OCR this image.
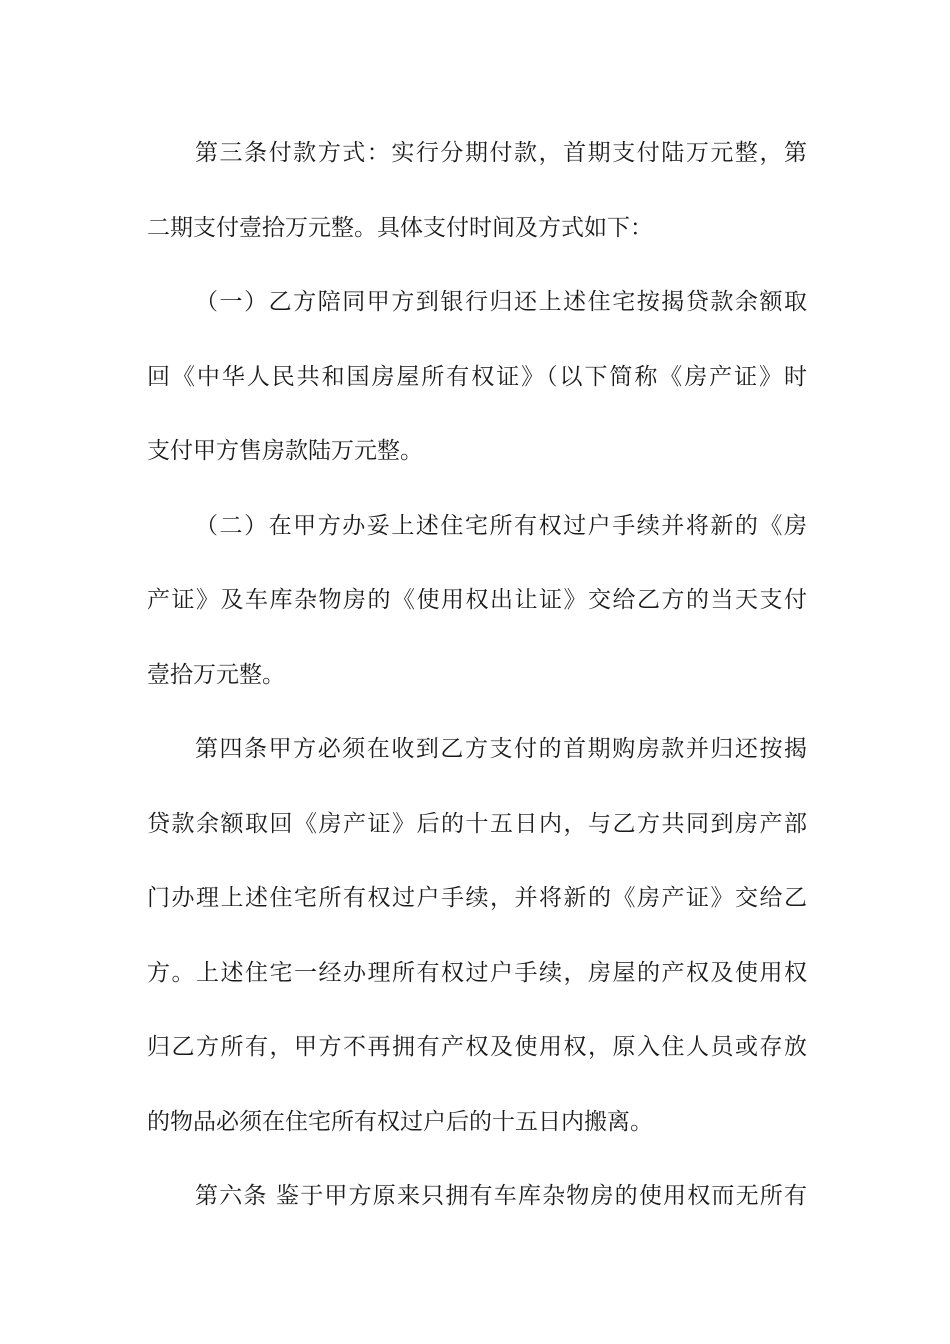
第三条付款方式：实行分期付款，首期支付陆万元整，第
二期支付壹拾万元整。具体支付时间及方式如下：
（一）乙方陪同甲方到银行归还上述住宅按揭贷款余额取
回《中华人民共和国房屋所有权证》（以下简称《房产证》时
支付甲方售房款陆万元整。
（二）在甲方办妥上述住宅所有权过户手续并将新的《房
产证》及车库杂物房的《使用权出让证》交给乙方的当天支付
壹拾万元整。
第四条甲方必须在收到乙方支付的首期购房款并归还按揭
贷款余额取回《房产证》后的十五日内，与乙方共同到房产部
门办理上述住宅所有权过户手续，并将新的《房产证》交给乙
方。上述住宅一经办理所有权过户手续，房屋的产权及使用权
归乙方所有，甲方不再拥有产权及使用权，原入住人员或存放
的物品必须在住宅所有权过户后的十五日内搬离。
第六条 鉴于甲方原来只拥有车库杂物房的使用权而无所有
